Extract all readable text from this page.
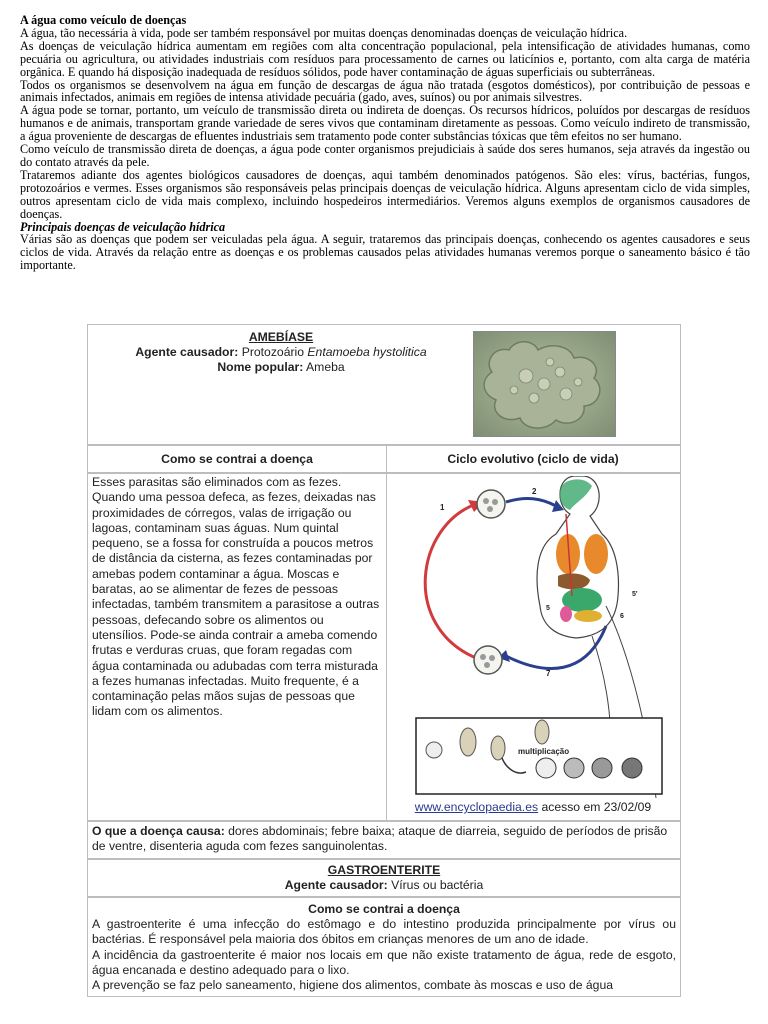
A água como veículo de doenças

A água, tão necessária à vida, pode ser também responsável por muitas doenças denominadas doenças de veiculação hídrica.

As doenças de veiculação hídrica aumentam em regiões com alta concentração populacional, pela intensificação de atividades humanas, como pecuária ou agricultura, ou atividades industriais com resíduos para processamento de carnes ou laticínios e, portanto, com alta carga de matéria orgânica. E quando há disposição inadequada de resíduos sólidos, pode haver contaminação de águas superficiais ou subterrâneas.

Todos os organismos se desenvolvem na água em função de descargas de água não tratada (esgotos domésticos), por contribuição de pessoas e animais infectados, animais em regiões de intensa atividade pecuária (gado, aves, suínos) ou por animais silvestres.

A água pode se tornar, portanto, um veículo de transmissão direta ou indireta de doenças. Os recursos hídricos, poluídos por descargas de resíduos humanos e de animais, transportam grande variedade de seres vivos que contaminam diretamente as pessoas. Como veículo indireto de transmissão, a água proveniente de descargas de efluentes industriais sem tratamento pode conter substâncias tóxicas que têm efeitos no ser humano.

Como veículo de transmissão direta de doenças, a água pode conter organismos prejudiciais à saúde dos seres humanos, seja através da ingestão ou do contato através da pele.

Trataremos adiante dos agentes biológicos causadores de doenças, aqui também denominados patógenos. São eles: vírus, bactérias, fungos, protozoários e vermes. Esses organismos são responsáveis pelas principais doenças de veiculação hídrica. Alguns apresentam ciclo de vida simples, outros apresentam ciclo de vida mais complexo, incluindo hospedeiros intermediários. Veremos alguns exemplos de organismos causadores de doenças.

Principais doenças de veiculação hídrica

Várias são as doenças que podem ser veiculadas pela água. A seguir, trataremos das principais doenças, conhecendo os agentes causadores e seus ciclos de vida. Através da relação entre as doenças e os problemas causados pelas atividades humanas veremos porque o saneamento básico é tão importante.

AMEBÍASE
Agente causador: Protozoário Entamoeba hystolitica
Nome popular: Ameba
Como se contrai a doença	Ciclo evolutivo (ciclo de vida)
Esses parasitas são eliminados com as fezes. Quando uma pessoa defeca, as fezes, deixadas nas proximidades de córregos, valas de irrigação ou lagoas, contaminam suas águas. Num quintal pequeno, se a fossa for construída a poucos metros de distância da cisterna, as fezes contaminadas por amebas podem contaminar a água. Moscas e baratas, ao se alimentar de fezes de pessoas infectadas, também transmitem a parasitose a outras pessoas, defecando sobre os alimentos ou utensílios. Pode-se ainda contrair a ameba comendo frutas e verduras cruas, que foram regadas com água contaminada ou adubadas com terra misturada a fezes humanas infectadas. Muito frequente, é a contaminação pelas mãos sujas de pessoas que lidam com os alimentos.
1
2
5
5'
6
7
multiplicação
www.encyclopaedia.es acesso em 23/02/09
O que a doença causa: dores abdominais; febre baixa; ataque de diarreia, seguido de períodos de prisão de ventre, disenteria aguda com fezes sanguinolentas.
GASTROENTERITE
Agente causador: Vírus ou bactéria
Como se contrai a doença
A gastroenterite é uma infecção do estômago e do intestino produzida principalmente por vírus ou bactérias. É responsável pela maioria dos óbitos em crianças menores de um ano de idade.
A incidência da gastroenterite é maior nos locais em que não existe tratamento de água, rede de esgoto, água encanada e destino adequado para o lixo.
A prevenção se faz pelo saneamento, higiene dos alimentos, combate às moscas e uso de água
